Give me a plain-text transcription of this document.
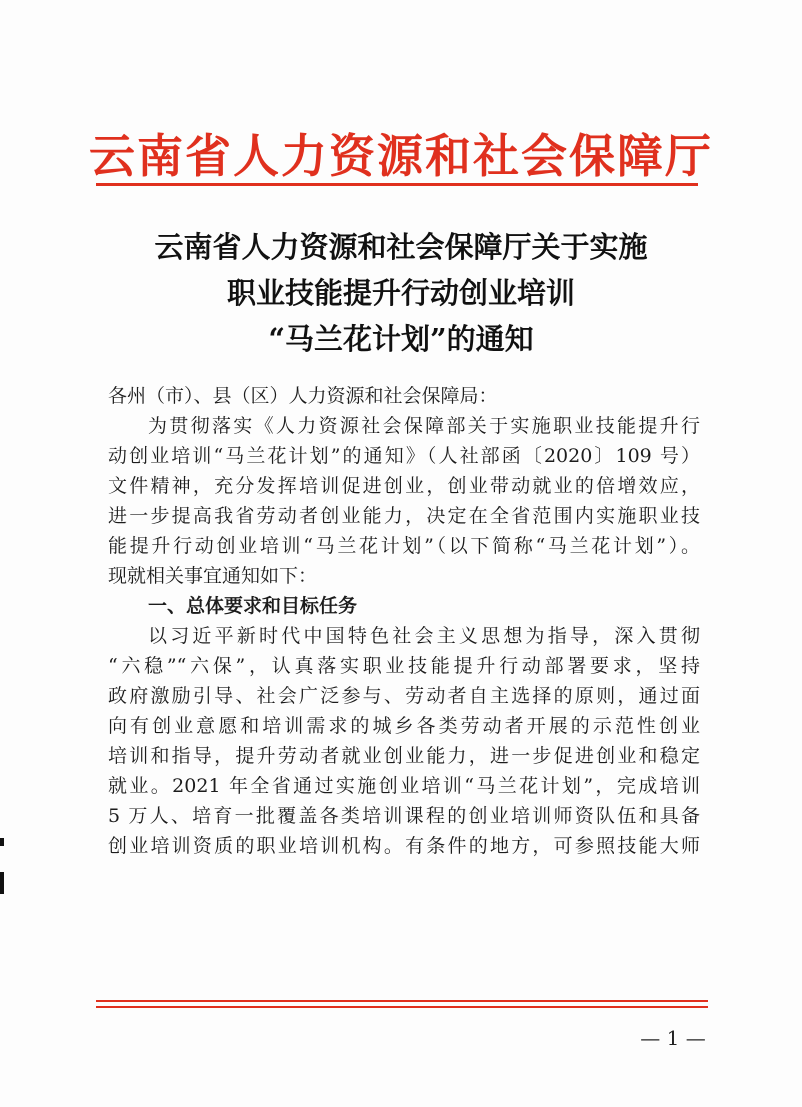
云南省人力资源和社会保障厅
云南省人力资源和社会保障厅关于实施
职业技能提升行动创业培训
“马兰花计划”的通知
各州（市）、县（区）人力资源和社会保障局：
为贯彻落实《人力资源社会保障部关于实施职业技能提升行
动创业培训“马兰花计划”的通知》（人社部函〔2020〕109 号）
文件精神，充分发挥培训促进创业，创业带动就业的倍增效应，
进一步提高我省劳动者创业能力，决定在全省范围内实施职业技
能提升行动创业培训“马兰花计划”（以下简称“马兰花计划”）。
现就相关事宜通知如下：
一、总体要求和目标任务
以习近平新时代中国特色社会主义思想为指导，深入贯彻
“六稳”“六保”，认真落实职业技能提升行动部署要求，坚持
政府激励引导、社会广泛参与、劳动者自主选择的原则，通过面
向有创业意愿和培训需求的城乡各类劳动者开展的示范性创业
培训和指导，提升劳动者就业创业能力，进一步促进创业和稳定
就业。2021 年全省通过实施创业培训“马兰花计划”，完成培训
5 万人、培育一批覆盖各类培训课程的创业培训师资队伍和具备
创业培训资质的职业培训机构。有条件的地方，可参照技能大师
— 1 —
